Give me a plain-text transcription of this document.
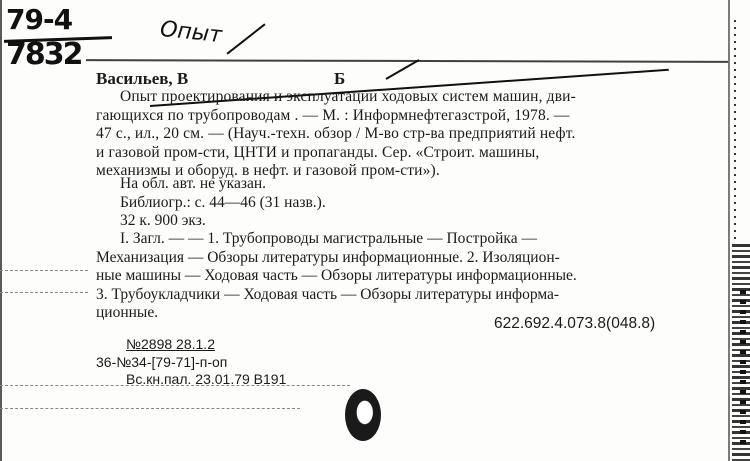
79-4
7832
Опыт
Васильев, В	Б
Опыт проектирования и эксплуатации ходовых систем машин, дви-
гающихся по трубопроводам . — М. : Информнефтегазстрой, 1978. —
47 с., ил., 20 см. — (Науч.-техн. обзор / М-во стр-ва предприятий нефт.
и газовой пром-сти, ЦНТИ и пропаганды. Сер. «Строит. машины,
механизмы и оборуд. в нефт. и газовой пром-сти»).
На обл. авт. не указан.
Библиогр.: с. 44—46 (31 назв.).
32 к. 900 экз.
I. Загл. — — 1. Трубопроводы магистральные — Постройка —
Механизация — Обзоры литературы информационные. 2. Изоляцион-
ные машины — Ходовая часть — Обзоры литературы информационные.
3. Трубоукладчики — Ходовая часть — Обзоры литературы информа-
ционные.
622.692.4.073.8(048.8)
№2898 28.1.2
36-№34-[79-71]-п-оп
Вс.кн.пал. 23.01.79 В191
